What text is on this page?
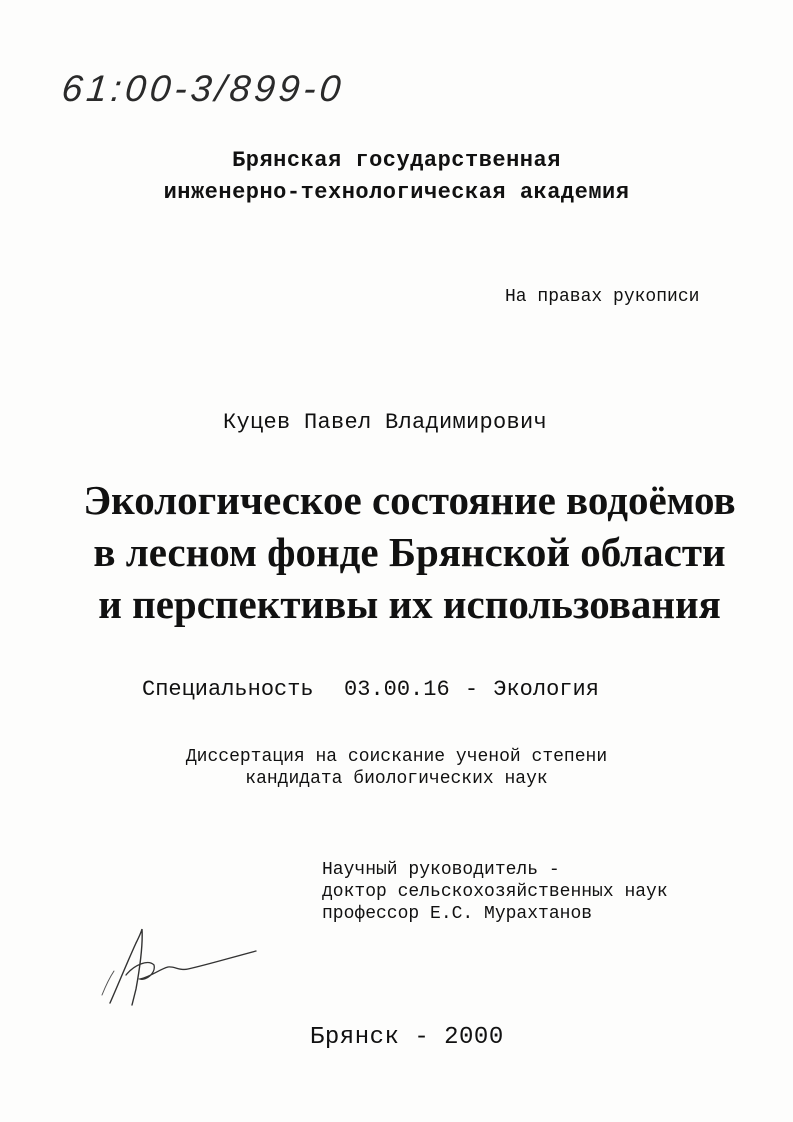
61:00-3/899-0
Брянская государственная
инженерно-технологическая академия
На правах рукописи
Куцев Павел Владимирович
Экологическое состояние водоёмов
в лесном фонде Брянской области
и перспективы их использования
Специальность 03.00.16 - Экология
Диссертация на соискание ученой степени
кандидата биологических наук
Научный руководитель -
доктор сельскохозяйственных наук
профессор Е.С. Мурахтанов
Брянск - 2000
